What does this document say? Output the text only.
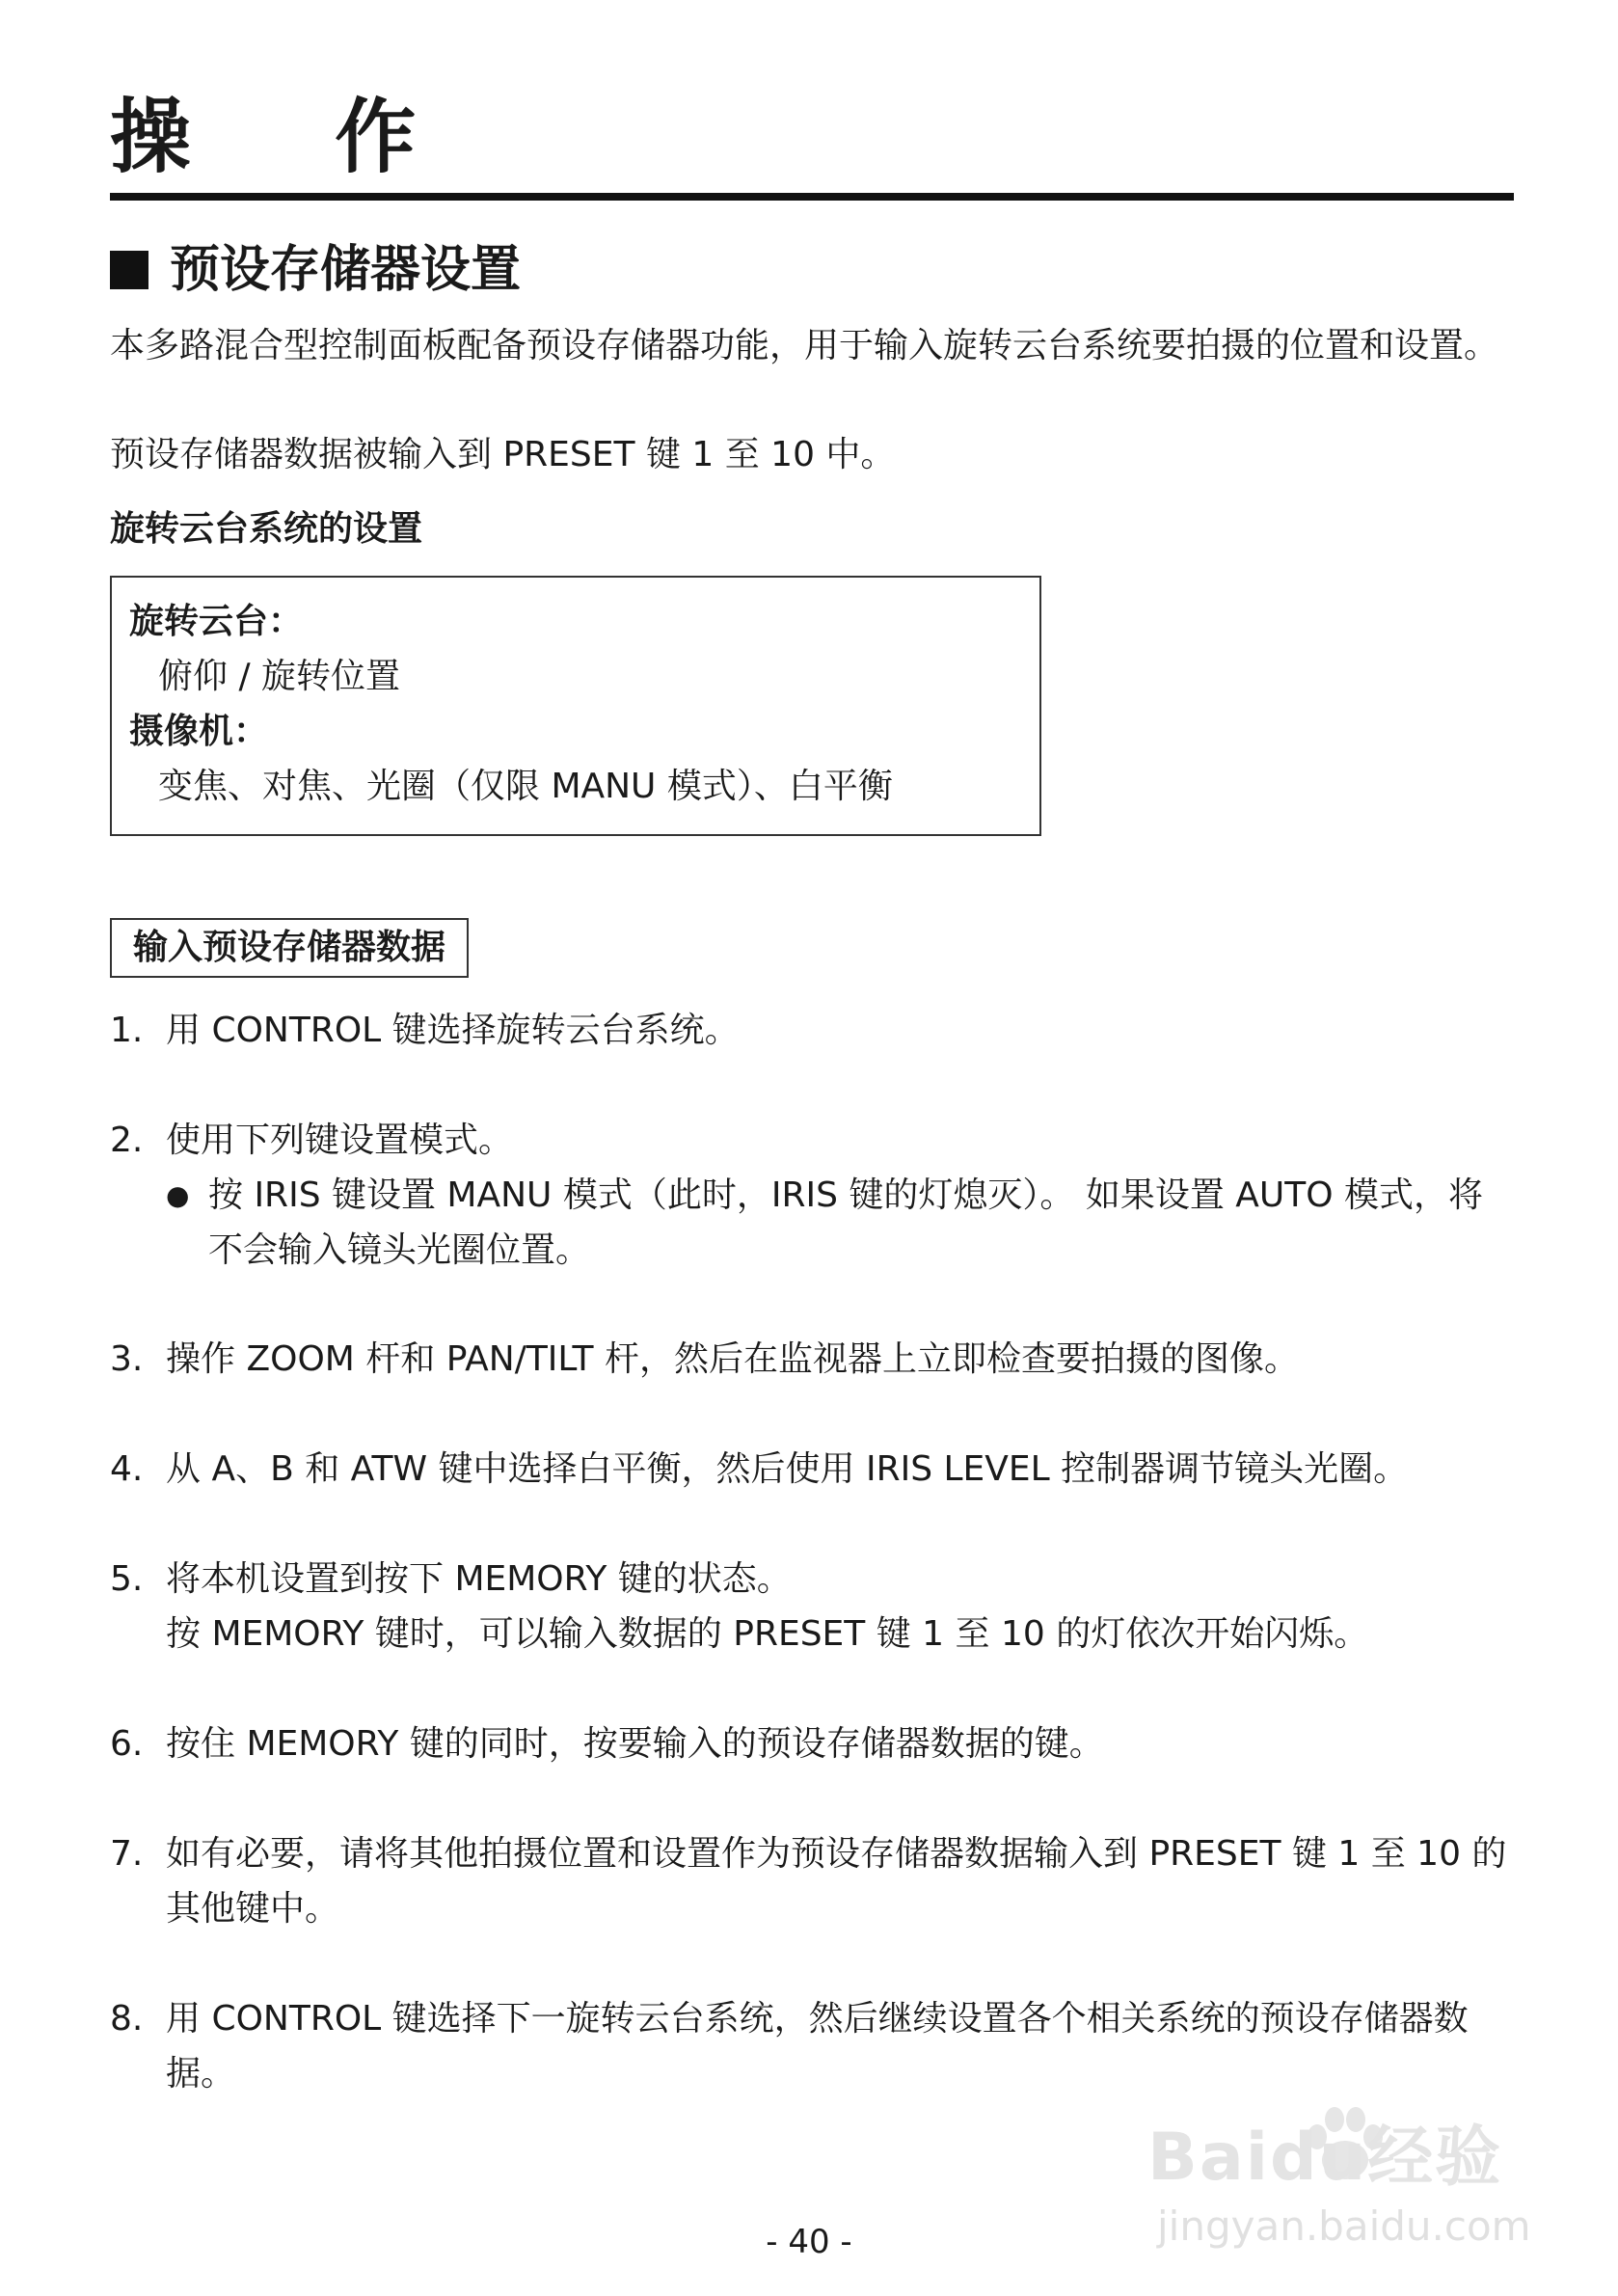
操 作
预设存储器设置

本多路混合型控制面板配备预设存储器功能，用于输入旋转云台系统要拍摄的位置和设置。

预设存储器数据被输入到 PRESET 键 1 至 10 中。

旋转云台系统的设置

旋转云台：

俯仰 / 旋转位置

摄像机：

变焦、对焦、光圈（仅限 MANU 模式）、白平衡

输入预设存储器数据
1. 用 CONTROL 键选择旋转云台系统。
2. 使用下列键设置模式。
● 按 IRIS 键设置 MANU 模式（此时，IRIS 键的灯熄灭）。 如果设置 AUTO 模式，将不会输入镜头光圈位置。
3. 操作 ZOOM 杆和 PAN/TILT 杆，然后在监视器上立即检查要拍摄的图像。
4. 从 A、B 和 ATW 键中选择白平衡，然后使用 IRIS LEVEL 控制器调节镜头光圈。
5. 将本机设置到按下 MEMORY 键的状态。
按 MEMORY 键时，可以输入数据的 PRESET 键 1 至 10 的灯依次开始闪烁。
6. 按住 MEMORY 键的同时，按要输入的预设存储器数据的键。
7. 如有必要，请将其他拍摄位置和设置作为预设存储器数据输入到 PRESET 键 1 至 10 的其他键中。
8. 用 CONTROL 键选择下一旋转云台系统，然后继续设置各个相关系统的预设存储器数据。
Baidu经验
jingyan.baidu.com
- 40 -
